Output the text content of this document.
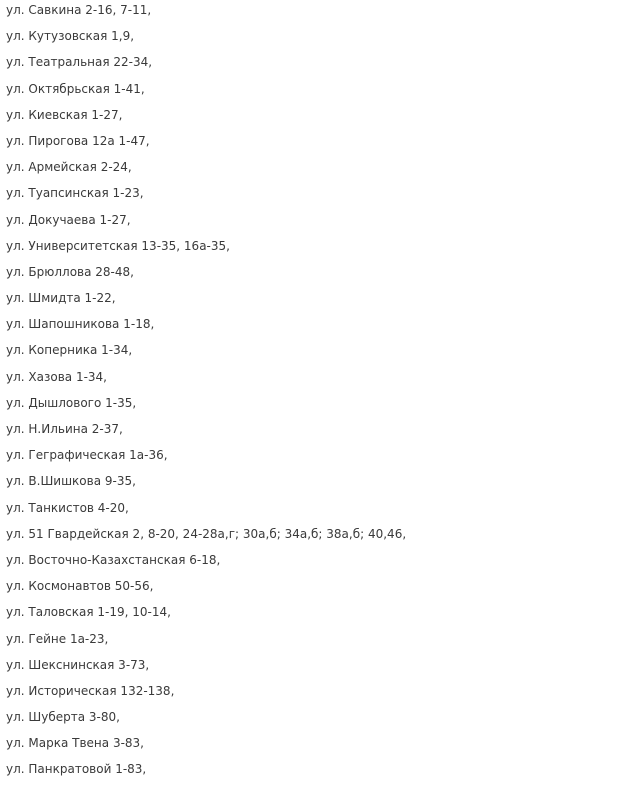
ул. Савкина 2-16, 7-11,
ул. Кутузовская 1,9,
ул. Театральная 22-34,
ул. Октябрьская 1-41,
ул. Киевская 1-27,
ул. Пирогова 12а 1-47,
ул. Армейская 2-24,
ул. Туапсинская 1-23,
ул. Докучаева 1-27,
ул. Университетская 13-35, 16а-35,
ул. Брюллова 28-48,
ул. Шмидта 1-22,
ул. Шапошникова 1-18,
ул. Коперника 1-34,
ул. Хазова 1-34,
ул. Дышлового 1-35,
ул. Н.Ильина 2-37,
ул. Геграфическая 1а-36,
ул. В.Шишкова 9-35,
ул. Танкистов 4-20,
ул. 51 Гвардейская 2, 8-20, 24-28а,г; 30а,б; 34а,б; 38а,б; 40,46,
ул. Восточно-Казахстанская 6-18,
ул. Космонавтов 50-56,
ул. Таловская 1-19, 10-14,
ул. Гейне 1а-23,
ул. Шекснинская 3-73,
ул. Историческая 132-138,
ул. Шуберта 3-80,
ул. Марка Твена 3-83,
ул. Панкратовой 1-83,
